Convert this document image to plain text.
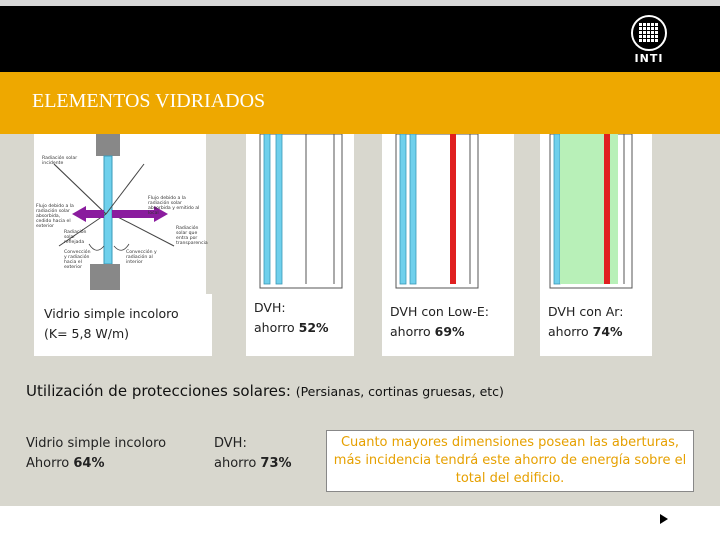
INTI
ELEMENTOS VIDRIADOS
Vidrio simple incoloro
(K= 5,8 W/m)
Radiación solar incidente
Flujo debido a la radiación solar absorbida y emitido al local
Flujo debido a la radiación solar absorbida, cedido hacia el exterior
Radiación solar reflejada
Radiación solar que entra por transparencia
Convección y radiación hacia el exterior
Convección y radiación al interior
DVH:
ahorro 52%
DVH con Low-E:
ahorro 69%
DVH con Ar:
ahorro 74%
Utilización de protecciones solares: (Persianas, cortinas gruesas, etc)
Vidrio simple incoloro
Ahorro 64%
DVH:
ahorro 73%
Cuanto mayores dimensiones posean las aberturas, más incidencia tendrá este ahorro de energía sobre el total del edificio.
